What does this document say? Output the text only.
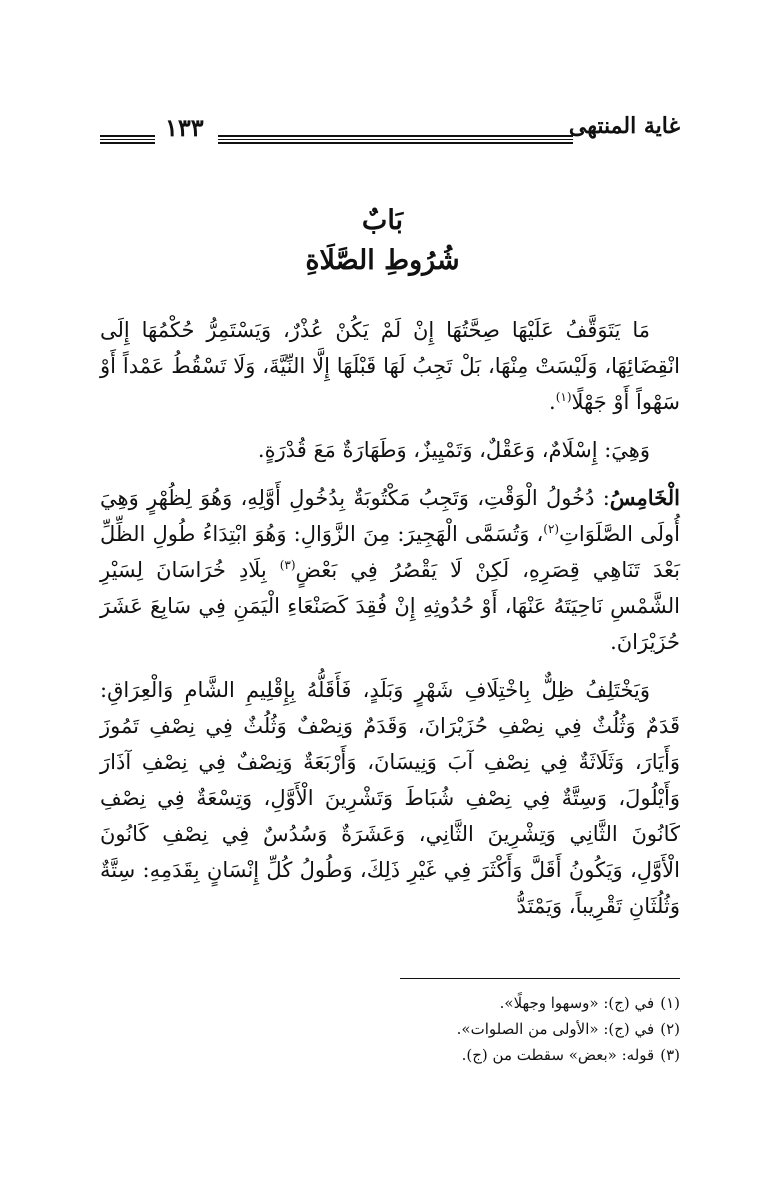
١٣٣	غاية المنتهى
بَابٌ
شُرُوطِ الصَّلَاةِ

مَا يَتَوَقَّفُ عَلَيْهَا صِحَّتُهَا إِنْ لَمْ يَكُنْ عُذْرٌ، وَيَسْتَمِرُّ حُكْمُهَا إِلَى انْقِضَائِهَا، وَلَيْسَتْ مِنْهَا، بَلْ تَجِبُ لَهَا قَبْلَهَا إِلَّا النِّيَّةَ، وَلَا تَسْقُطُ عَمْداً أَوْ سَهْواً أَوْ جَهْلًا$^{(١)}$.

وَهِيَ: إِسْلَامٌ، وَعَقْلٌ، وَتَمْيِيزٌ، وَطَهَارَةٌ مَعَ قُدْرَةٍ.

الْخَامِسُ: دُخُولُ الْوَقْتِ، وَتَجِبُ مَكْتُوبَةٌ بِدُخُولِ أَوَّلِهِ، وَهُوَ لِظُهْرٍ وَهِيَ أُولَى الصَّلَوَاتِ$^{(٢)}$، وَتُسَمَّى الْهَجِيرَ: مِنَ الزَّوَالِ: وَهُوَ ابْتِدَاءُ طُولِ الظِّلِّ بَعْدَ تَنَاهِي قِصَرِهِ، لَكِنْ لَا يَقْصُرُ فِي بَعْضٍ$^{(٣)}$ بِلَادِ خُرَاسَانَ لِسَيْرِ الشَّمْسِ نَاحِيَتَهُ عَنْهَا، أَوْ حُدُوثِهِ إِنْ فُقِدَ كَصَنْعَاءِ الْيَمَنِ فِي سَابِعَ عَشَرَ حُزَيْرَانَ.

وَيَخْتَلِفُ ظِلٌّ بِاخْتِلَافِ شَهْرٍ وَبَلَدٍ، فَأَقَلُّهُ بِإِقْلِيمِ الشَّامِ وَالْعِرَاقِ: قَدَمٌ وَثُلُثٌ فِي نِصْفِ حُزَيْرَانَ، وَقَدَمٌ وَنِصْفٌ وَثُلُثٌ فِي نِصْفِ تَمُوزَ وَأَيَارَ، وَثَلَاثَةٌ فِي نِصْفِ آبَ وَنِيسَانَ، وَأَرْبَعَةٌ وَنِصْفٌ فِي نِصْفِ آذَارَ وَأَيْلُولَ، وَسِتَّةٌ فِي نِصْفِ شُبَاطَ وَتَشْرِينَ الْأَوَّلِ، وَتِسْعَةٌ فِي نِصْفِ كَانُونَ الثَّانِي وَتِشْرِينَ الثَّانِي، وَعَشَرَةٌ وَسُدُسٌ فِي نِصْفِ كَانُونَ الْأَوَّلِ، وَيَكُونُ أَقَلَّ وَأَكْثَرَ فِي غَيْرِ ذَلِكَ، وَطُولُ كُلِّ إِنْسَانٍ بِقَدَمِهِ: سِتَّةٌ وَثُلُثَانِ تَقْرِيباً، وَيَمْتَدُّ

(١)في (ج): «وسهوا وجهلًا».

(٢)في (ج): «الأولى من الصلوات».

(٣)قوله: «بعض» سقطت من (ج).
